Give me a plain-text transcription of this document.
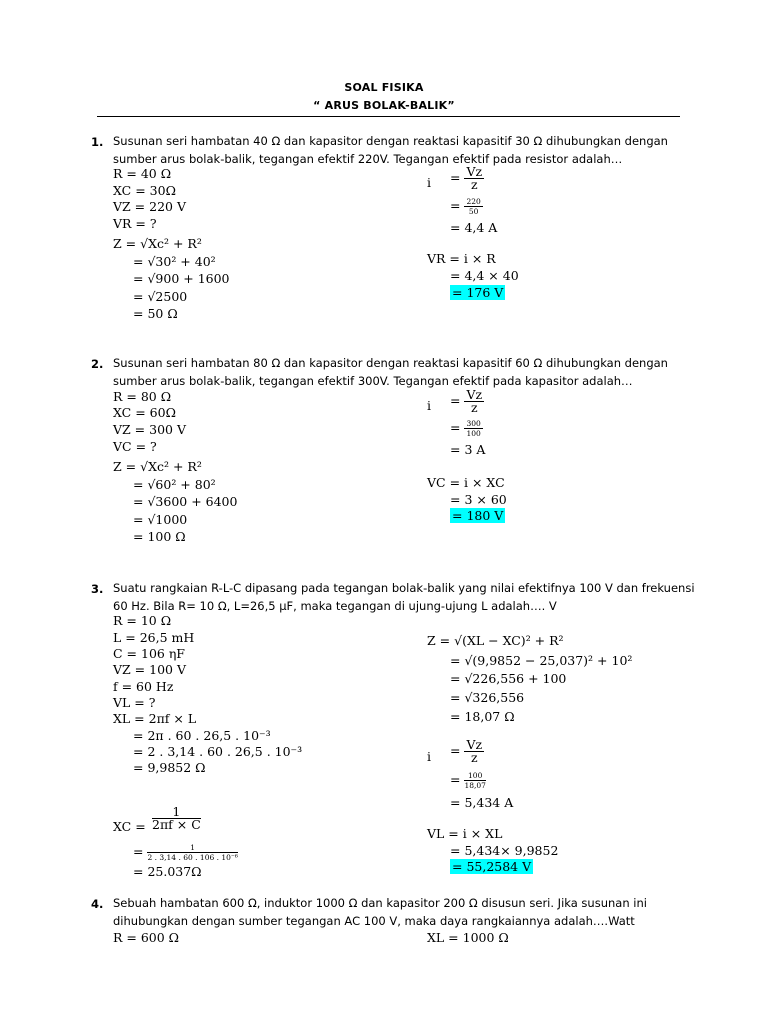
SOAL FISIKA
“ ARUS BOLAK-BALIK”
1. Susunan seri hambatan 40 Ω dan kapasitor dengan reaktasi kapasitif 30 Ω dihubungkan dengan
sumber arus bolak-balik, tegangan efektif 220V. Tegangan efektif pada resistor adalah…
R = 40 Ω
XC = 30Ω
VZ = 220 V
VR = ?
Z = √Xc² + R²
= √30² + 40²
= √900 + 1600
= √2500
= 50 Ω
$i = \frac{Vz}{z}$
= $\frac{220}{50}$
= 4,4 A
VR = i × R
= 4,4 × 40
= 176 V
2. Susunan seri hambatan 80 Ω dan kapasitor dengan reaktasi kapasitif 60 Ω dihubungkan dengan
sumber arus bolak-balik, tegangan efektif 300V. Tegangan efektif pada kapasitor adalah…
R = 80 Ω
XC = 60Ω
VZ = 300 V
VC = ?
Z = √Xc² + R²
= √60² + 80²
= √3600 + 6400
= √1000
= 100 Ω
$i = \frac{Vz}{z}$
= $\frac{300}{100}$
= 3 A
VC = i × XC
= 3 × 60
= 180 V
3. Suatu rangkaian R-L-C dipasang pada tegangan bolak-balik yang nilai efektifnya 100 V dan frekuensi
60 Hz. Bila R= 10 Ω, L=26,5 μF, maka tegangan di ujung-ujung L adalah…. V
R = 10 Ω
L = 26,5 mH
C = 106 ηF
VZ = 100 V
f = 60 Hz
VL = ?
XL = 2πf × L
= 2π . 60 . 26,5 . 10⁻³
= 2 . 3,14 . 60 . 26,5 . 10⁻³
= 9,9852 Ω
XC = $\frac{1}{2\pi f \times C}$
= $\frac{1}{\text{2 . 3,14 . 60 . 106 . 10⁻⁶}}$
= 25.037Ω
Z = √(XL − XC)² + R²
= √(9,9852 − 25,037)² + 10²
= √226,556 + 100
= √326,556
= 18,07 Ω
$i = \frac{Vz}{z}$
= $\frac{100}{18,07}$
= 5,434 A
VL = i × XL
= 5,434× 9,9852
= 55,2584 V
4. Sebuah hambatan 600 Ω, induktor 1000 Ω dan kapasitor 200 Ω disusun seri. Jika susunan ini
dihubungkan dengan sumber tegangan AC 100 V, maka daya rangkaiannya adalah….Watt
R = 600 Ω	XL = 1000 Ω
